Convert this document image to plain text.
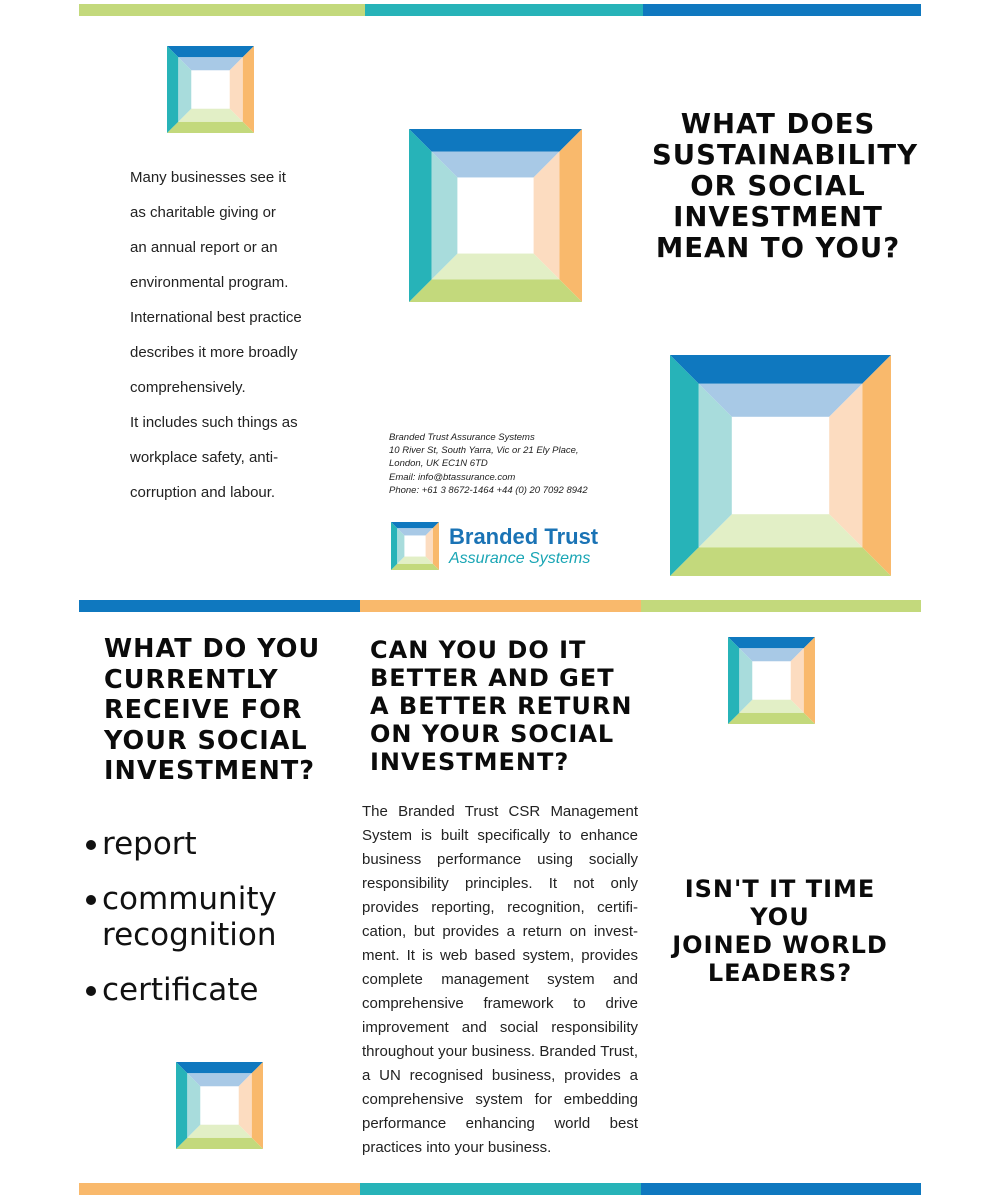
Many businesses see it
as charitable giving or
an annual report or an
environmental program.
International best practice
describes it more broadly
comprehensively.
It includes such things as
workplace safety, anti-
corruption and labour.
Branded Trust Assurance Systems
10 River St, South Yarra, Vic or 21 Ely Place,
London, UK EC1N 6TD
Email: info@btassurance.com
Phone: +61 3 8672-1464 +44 (0) 20 7092 8942
Branded Trust
Assurance Systems
WHAT DOES
SUSTAINABILITY
OR SOCIAL
INVESTMENT
MEAN TO YOU?
WHAT DO YOU
CURRENTLY
RECEIVE FOR
YOUR SOCIAL
INVESTMENT?
report
community
recognition
certificate
CAN YOU DO IT
BETTER AND GET
A BETTER RETURN
ON YOUR SOCIAL
INVESTMENT?
The Branded Trust CSR Management System is built specifically to enhance business performance using socially responsibility principles. It not only provides reporting, recognition, certifi-cation, but provides a return on invest-ment. It is web based system, provides complete management system and comprehensive framework to drive improvement and social responsibility throughout your business. Branded Trust, a UN recognised business, provides a comprehensive system for embedding performance enhancing world best practices into your business.
ISN'T IT TIME YOU
JOINED WORLD
LEADERS?
